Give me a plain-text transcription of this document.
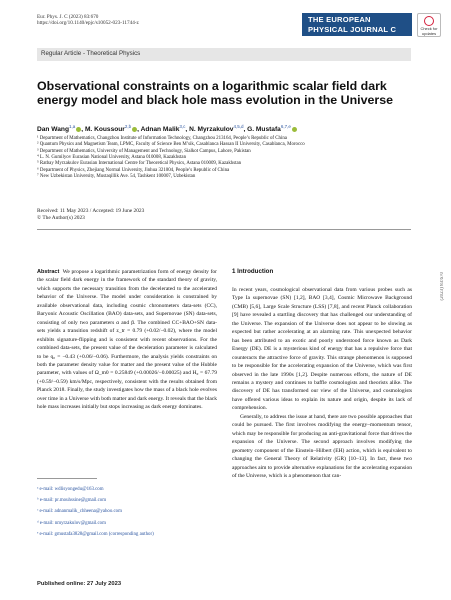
Eur. Phys. J. C (2023) 83:670
https://doi.org/10.1140/epjc/s10052-023-11744-z	THE EUROPEAN
PHYSICAL JOURNAL C	Check for
updates
Regular Article - Theoretical Physics
Observational constraints on a logarithmic scalar field dark energy model and black hole mass evolution in the Universe
Dan Wang$^{1,a}$ , M. Koussour$^{2,b}$ , Adnan Malik$^{3,c}$, N. Myrzakulov$^{4,5,d}$, G. Mustafa$^{6,7,e}$
¹ Department of Mathematics, Changzhou Institute of Information Technology, Changzhou 213164, People’s Republic of China
² Quantum Physics and Magnetism Team, LPMC, Faculty of Science Ben M’sik, Casablanca Hassan II University, Casablanca, Morocco
³ Department of Mathematics, University of Management and Technology, Sialkot Campus, Lahore, Pakistan
⁴ L. N. Gumilyov Eurasian National University, Astana 010008, Kazakhstan
⁵ Ratbay Myrzakulov Eurasian International Centre for Theoretical Physics, Astana 010009, Kazakhstan
⁶ Department of Physics, Zhejiang Normal University, Jinhua 321004, People’s Republic of China
⁷ New Uzbekistan University, Mustaqillik Ave. 54, Tashkent 100007, Uzbekistan
Received: 11 May 2023 / Accepted: 19 June 2023
© The Author(s) 2023

Abstract We propose a logarithmic parametrization form of energy density for the scalar field dark energy in the framework of the standard theory of gravity, which supports the necessary transition from the decelerated to the accelerated behavior of the Universe. The model under consideration is constrained by available observational data, including cosmic chronometers data-sets (CC), Baryonic Acoustic Oscillation (BAO) data-sets, and Supernovae (SN) data-sets, consisting of only two parameters α and β. The combined CC+BAO+SN data-sets yields a transition redshift of z_tr = 0.79 (+0.02/−0.02), where the model exhibits signature-flipping and is consistent with recent observations. For the combined data-sets, the present value of the deceleration parameter is calculated to be q₀ = −0.43 (+0.06/−0.06). Furthermore, the analysis yields constraints on both the parameter density value for matter and the present value of the Hubble parameter, with values of Ω_m0 = 0.25849 (+0.00026/−0.00025) and H₀ = 67.79 (+0.59/−0.59) km/s/Mpc, respectively, consistent with the results obtained from Planck 2018. Finally, the study investigates how the mass of a black hole evolves over time in a Universe with both matter and dark energy. It reveals that the black hole mass increases initially but stops increasing as dark energy dominates.

1 Introduction

In recent years, cosmological observational data from various probes such as Type Ia supernovae (SN) [1,2], BAO [3,4], Cosmic Microwave Background (CMB) [5,6], Large Scale Structure (LSS) [7,8], and recent Planck collaboration [9] have revealed a startling discovery that has challenged our understanding of the Universe. The expansion of the Universe does not appear to be slowing as expected but rather accelerating at an alarming rate. This unexpected behavior has been attributed to an exotic and poorly understood force known as Dark Energy (DE). DE is a mysterious kind of energy that has a repulsive force that counteracts the attractive force of gravity. This strange phenomenon is supposed to be responsible for the accelerating expansion of the Universe, which was first observed in the late 1990s [1,2]. Despite numerous efforts, the nature of DE remains a mystery and continues to baffle cosmologists and theorists alike. The discovery of DE has transformed our view of the Universe, and cosmologists have offered various ideas to explain its nature and origin, despite its lack of comprehension.

Generally, to address the issue at hand, there are two possible approaches that could be pursued. The first involves modifying the energy–momentum tensor, which may be responsible for producing an anti-gravitational force that drives the expansion of the Universe. The second approach involves modifying the geometry component of the Einstein–Hilbert (EH) action, which is equivalent to changing the General Theory of Relativity (GR) [10–13]. In fact, these two approaches aim to provide alternative explanations for the accelerating expansion of the Universe, which is a phenomenon that can-

ᵃ e-mail: wdlisyongedu@163.com
ᵇ e-mail: pr.mouhssine@gmail.com
ᶜ e-mail: adnanmalik_chheena@yahoo.com
ᵈ e-mail: nmyrzakulov@gmail.com
ᵉ e-mail: gmustafa3828@gmail.com (corresponding author)
Published online: 27 July 2023
(2023) 83:670
